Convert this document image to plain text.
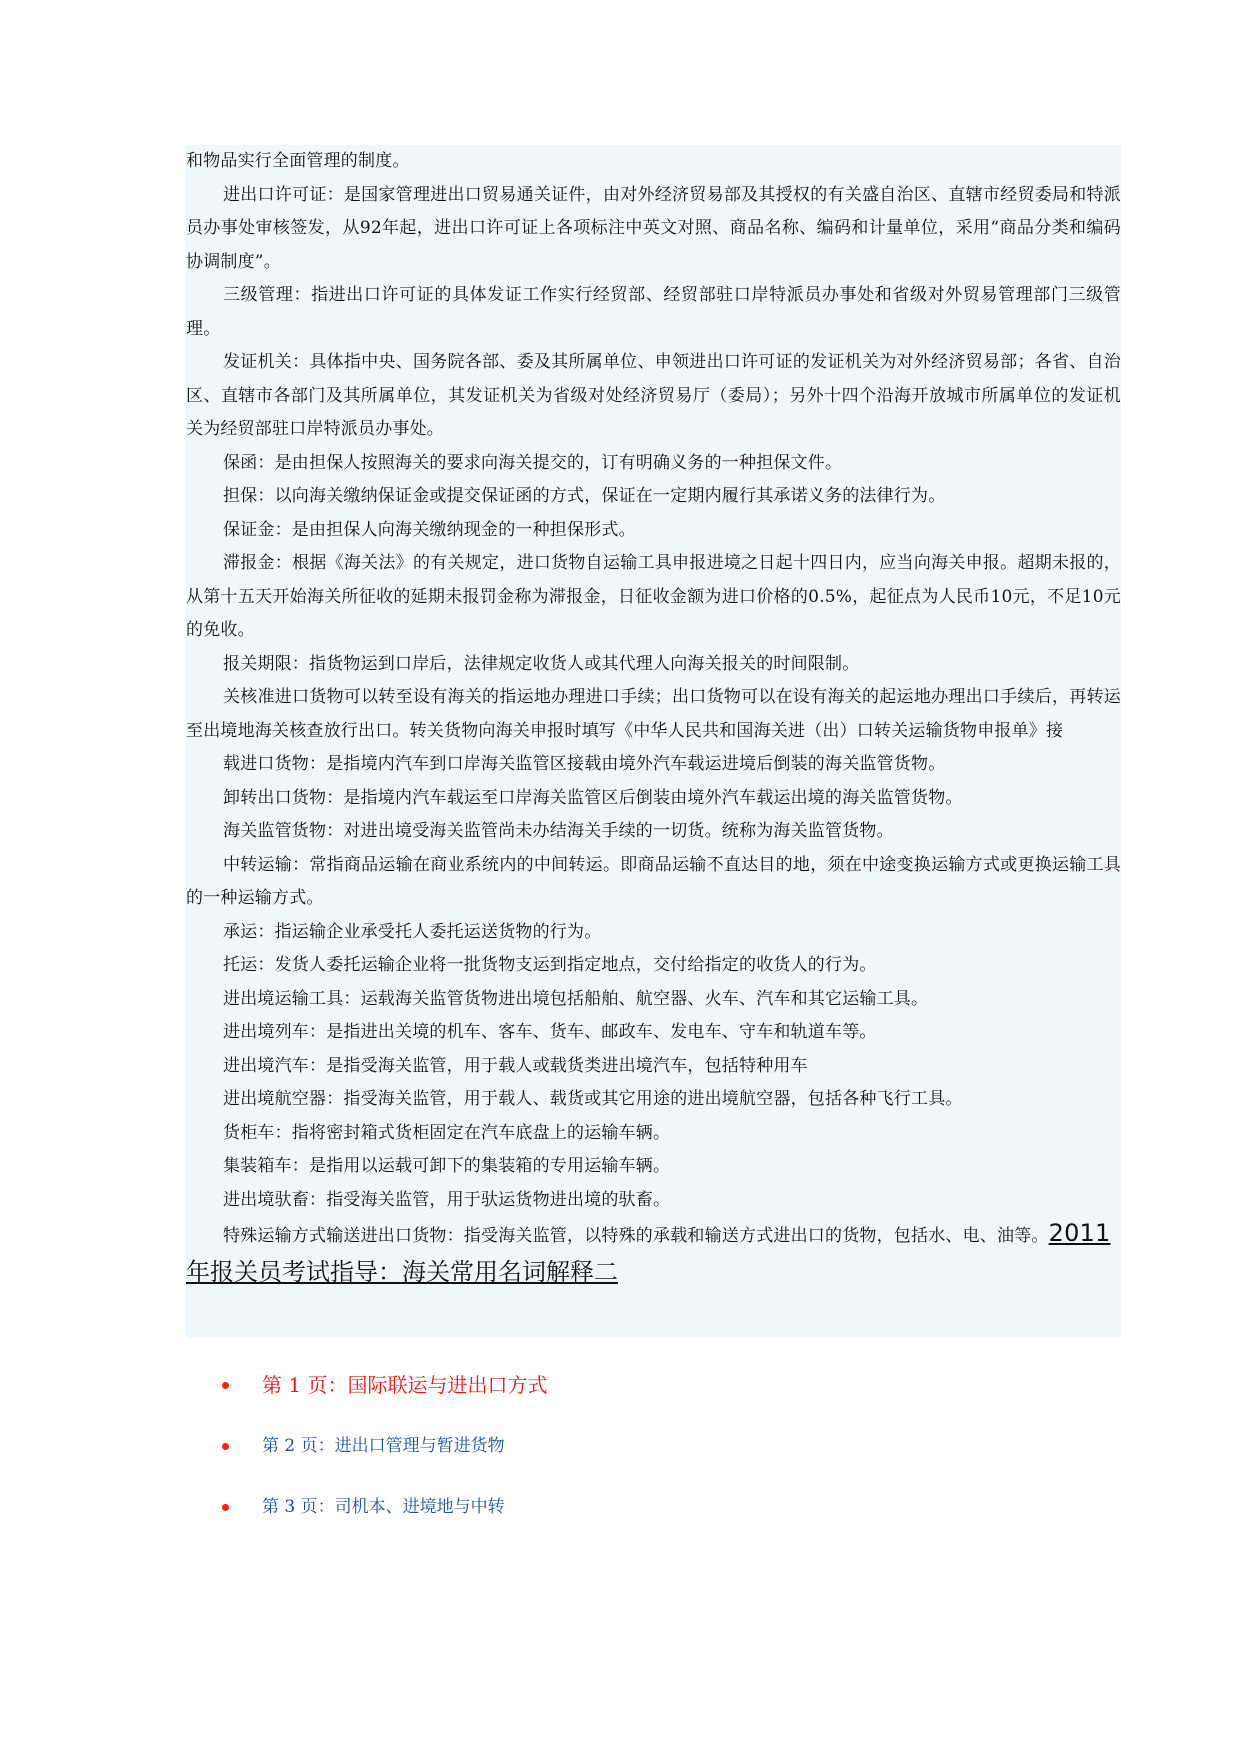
和物品实行全面管理的制度。

进出口许可证：是国家管理进出口贸易通关证件，由对外经济贸易部及其授权的有关盛自治区、直辖市经贸委局和特派员办事处审核签发，从92年起，进出口许可证上各项标注中英文对照、商品名称、编码和计量单位，采用“商品分类和编码协调制度”。

三级管理：指进出口许可证的具体发证工作实行经贸部、经贸部驻口岸特派员办事处和省级对外贸易管理部门三级管理。

发证机关：具体指中央、国务院各部、委及其所属单位、申领进出口许可证的发证机关为对外经济贸易部；各省、自治区、直辖市各部门及其所属单位，其发证机关为省级对处经济贸易厅（委局）；另外十四个沿海开放城市所属单位的发证机关为经贸部驻口岸特派员办事处。

保函：是由担保人按照海关的要求向海关提交的，订有明确义务的一种担保文件。

担保：以向海关缴纳保证金或提交保证函的方式，保证在一定期内履行其承诺义务的法律行为。

保证金：是由担保人向海关缴纳现金的一种担保形式。

滞报金：根据《海关法》的有关规定，进口货物自运输工具申报进境之日起十四日内，应当向海关申报。超期未报的，从第十五天开始海关所征收的延期未报罚金称为滞报金，日征收金额为进口价格的0.5%，起征点为人民币10元，不足10元的免收。

报关期限：指货物运到口岸后，法律规定收货人或其代理人向海关报关的时间限制。

关核准进口货物可以转至设有海关的指运地办理进口手续；出口货物可以在设有海关的起运地办理出口手续后，再转运至出境地海关核查放行出口。转关货物向海关申报时填写《中华人民共和国海关进（出）口转关运输货物申报单》接

载进口货物：是指境内汽车到口岸海关监管区接载由境外汽车载运进境后倒装的海关监管货物。

卸转出口货物：是指境内汽车载运至口岸海关监管区后倒装由境外汽车载运出境的海关监管货物。

海关监管货物：对进出境受海关监管尚未办结海关手续的一切货。统称为海关监管货物。

中转运输：常指商品运输在商业系统内的中间转运。即商品运输不直达目的地，须在中途变换运输方式或更换运输工具的一种运输方式。

承运：指运输企业承受托人委托运送货物的行为。

托运：发货人委托运输企业将一批货物支运到指定地点，交付给指定的收货人的行为。

进出境运输工具：运载海关监管货物进出境包括船舶、航空器、火车、汽车和其它运输工具。

进出境列车：是指进出关境的机车、客车、货车、邮政车、发电车、守车和轨道车等。

进出境汽车：是指受海关监管，用于载人或载货类进出境汽车，包括特种用车

进出境航空器：指受海关监管，用于载人、载货或其它用途的进出境航空器，包括各种飞行工具。

货柜车：指将密封箱式货柜固定在汽车底盘上的运输车辆。

集装箱车：是指用以运载可卸下的集装箱的专用运输车辆。

进出境驮畜：指受海关监管，用于驮运货物进出境的驮畜。

特殊运输方式输送进出口货物：指受海关监管，以特殊的承载和输送方式进出口的货物，包括水、电、油等。2011

年报关员考试指导：海关常用名词解释二

第 1 页：国际联运与进出口方式
第 2 页：进出口管理与暂进货物
第 3 页：司机本、进境地与中转
